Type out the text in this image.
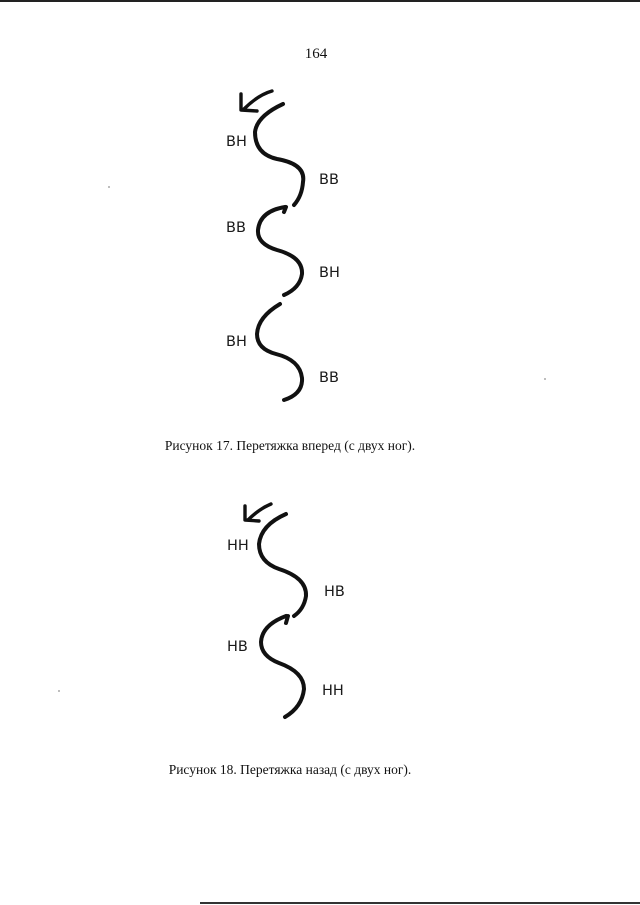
164
ВН
ВВ
ВВ
ВН
ВН
ВВ
Рисунок 17. Перетяжка вперед (с двух ног).
НН
НВ
НВ
НН
Рисунок 18. Перетяжка назад (с двух ног).
